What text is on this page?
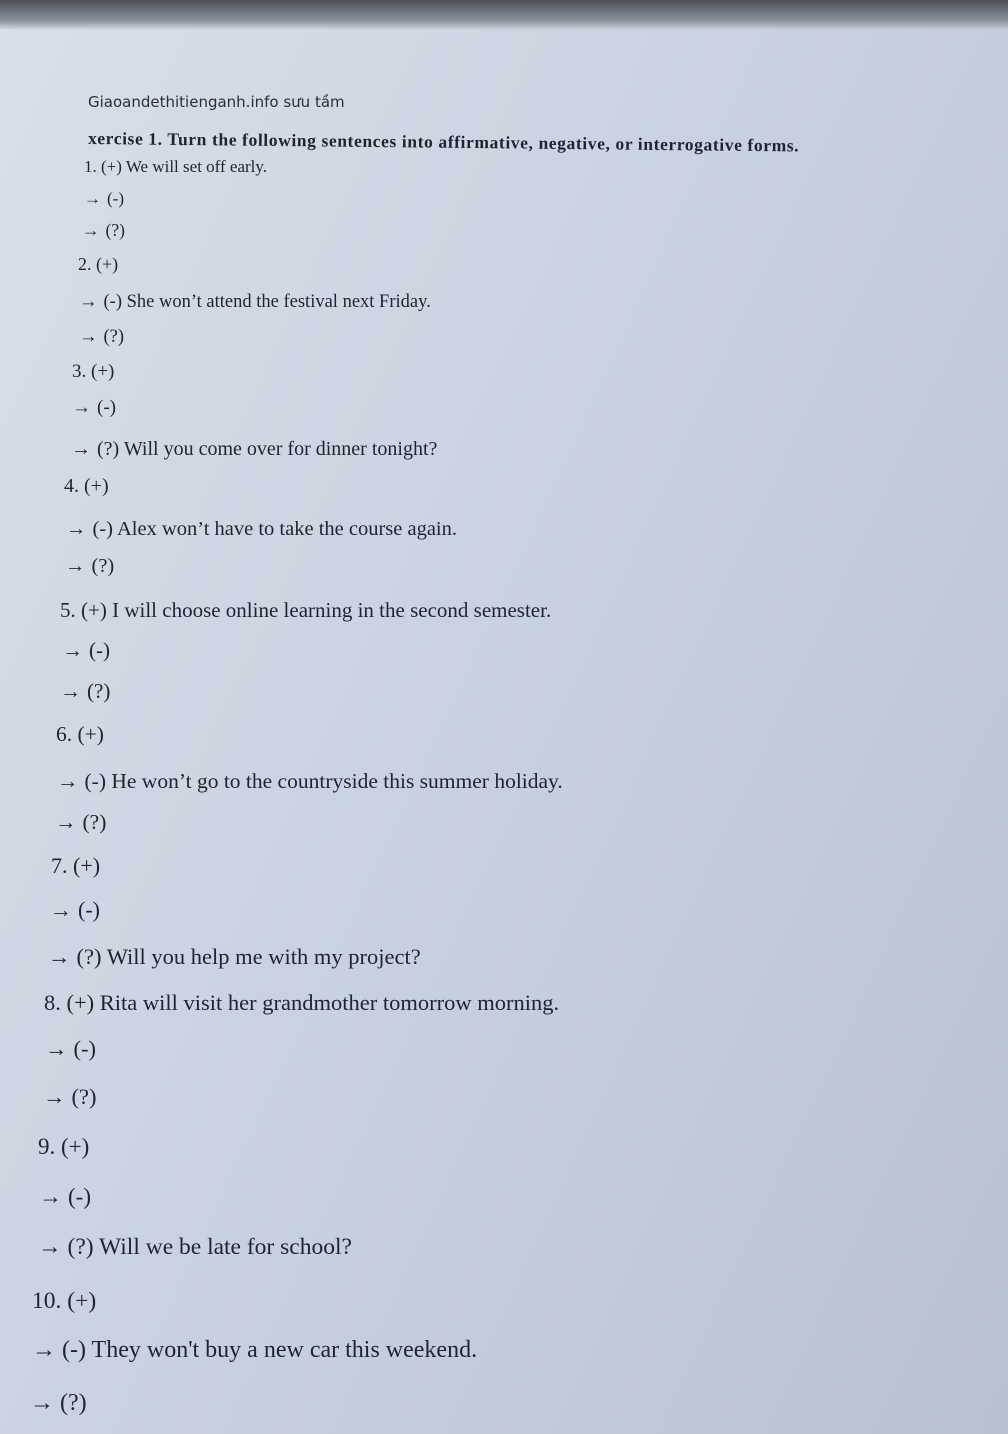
Giaoandethitienganh.info sưu tầm
xercise 1. Turn the following sentences into affirmative, negative, or interrogative forms.
1. (+) We will set off early.
→ (-)
→ (?)
2. (+)
→ (-) She won’t attend the festival next Friday.
→ (?)
3. (+)
→ (-)
→ (?) Will you come over for dinner tonight?
4. (+)
→ (-) Alex won’t have to take the course again.
→ (?)
5. (+) I will choose online learning in the second semester.
→ (-)
→ (?)
6. (+)
→ (-) He won’t go to the countryside this summer holiday.
→ (?)
7. (+)
→ (-)
→ (?) Will you help me with my project?
8. (+) Rita will visit her grandmother tomorrow morning.
→ (-)
→ (?)
9. (+)
→ (-)
→ (?) Will we be late for school?
10. (+)
→ (-) They won't buy a new car this weekend.
→ (?)
